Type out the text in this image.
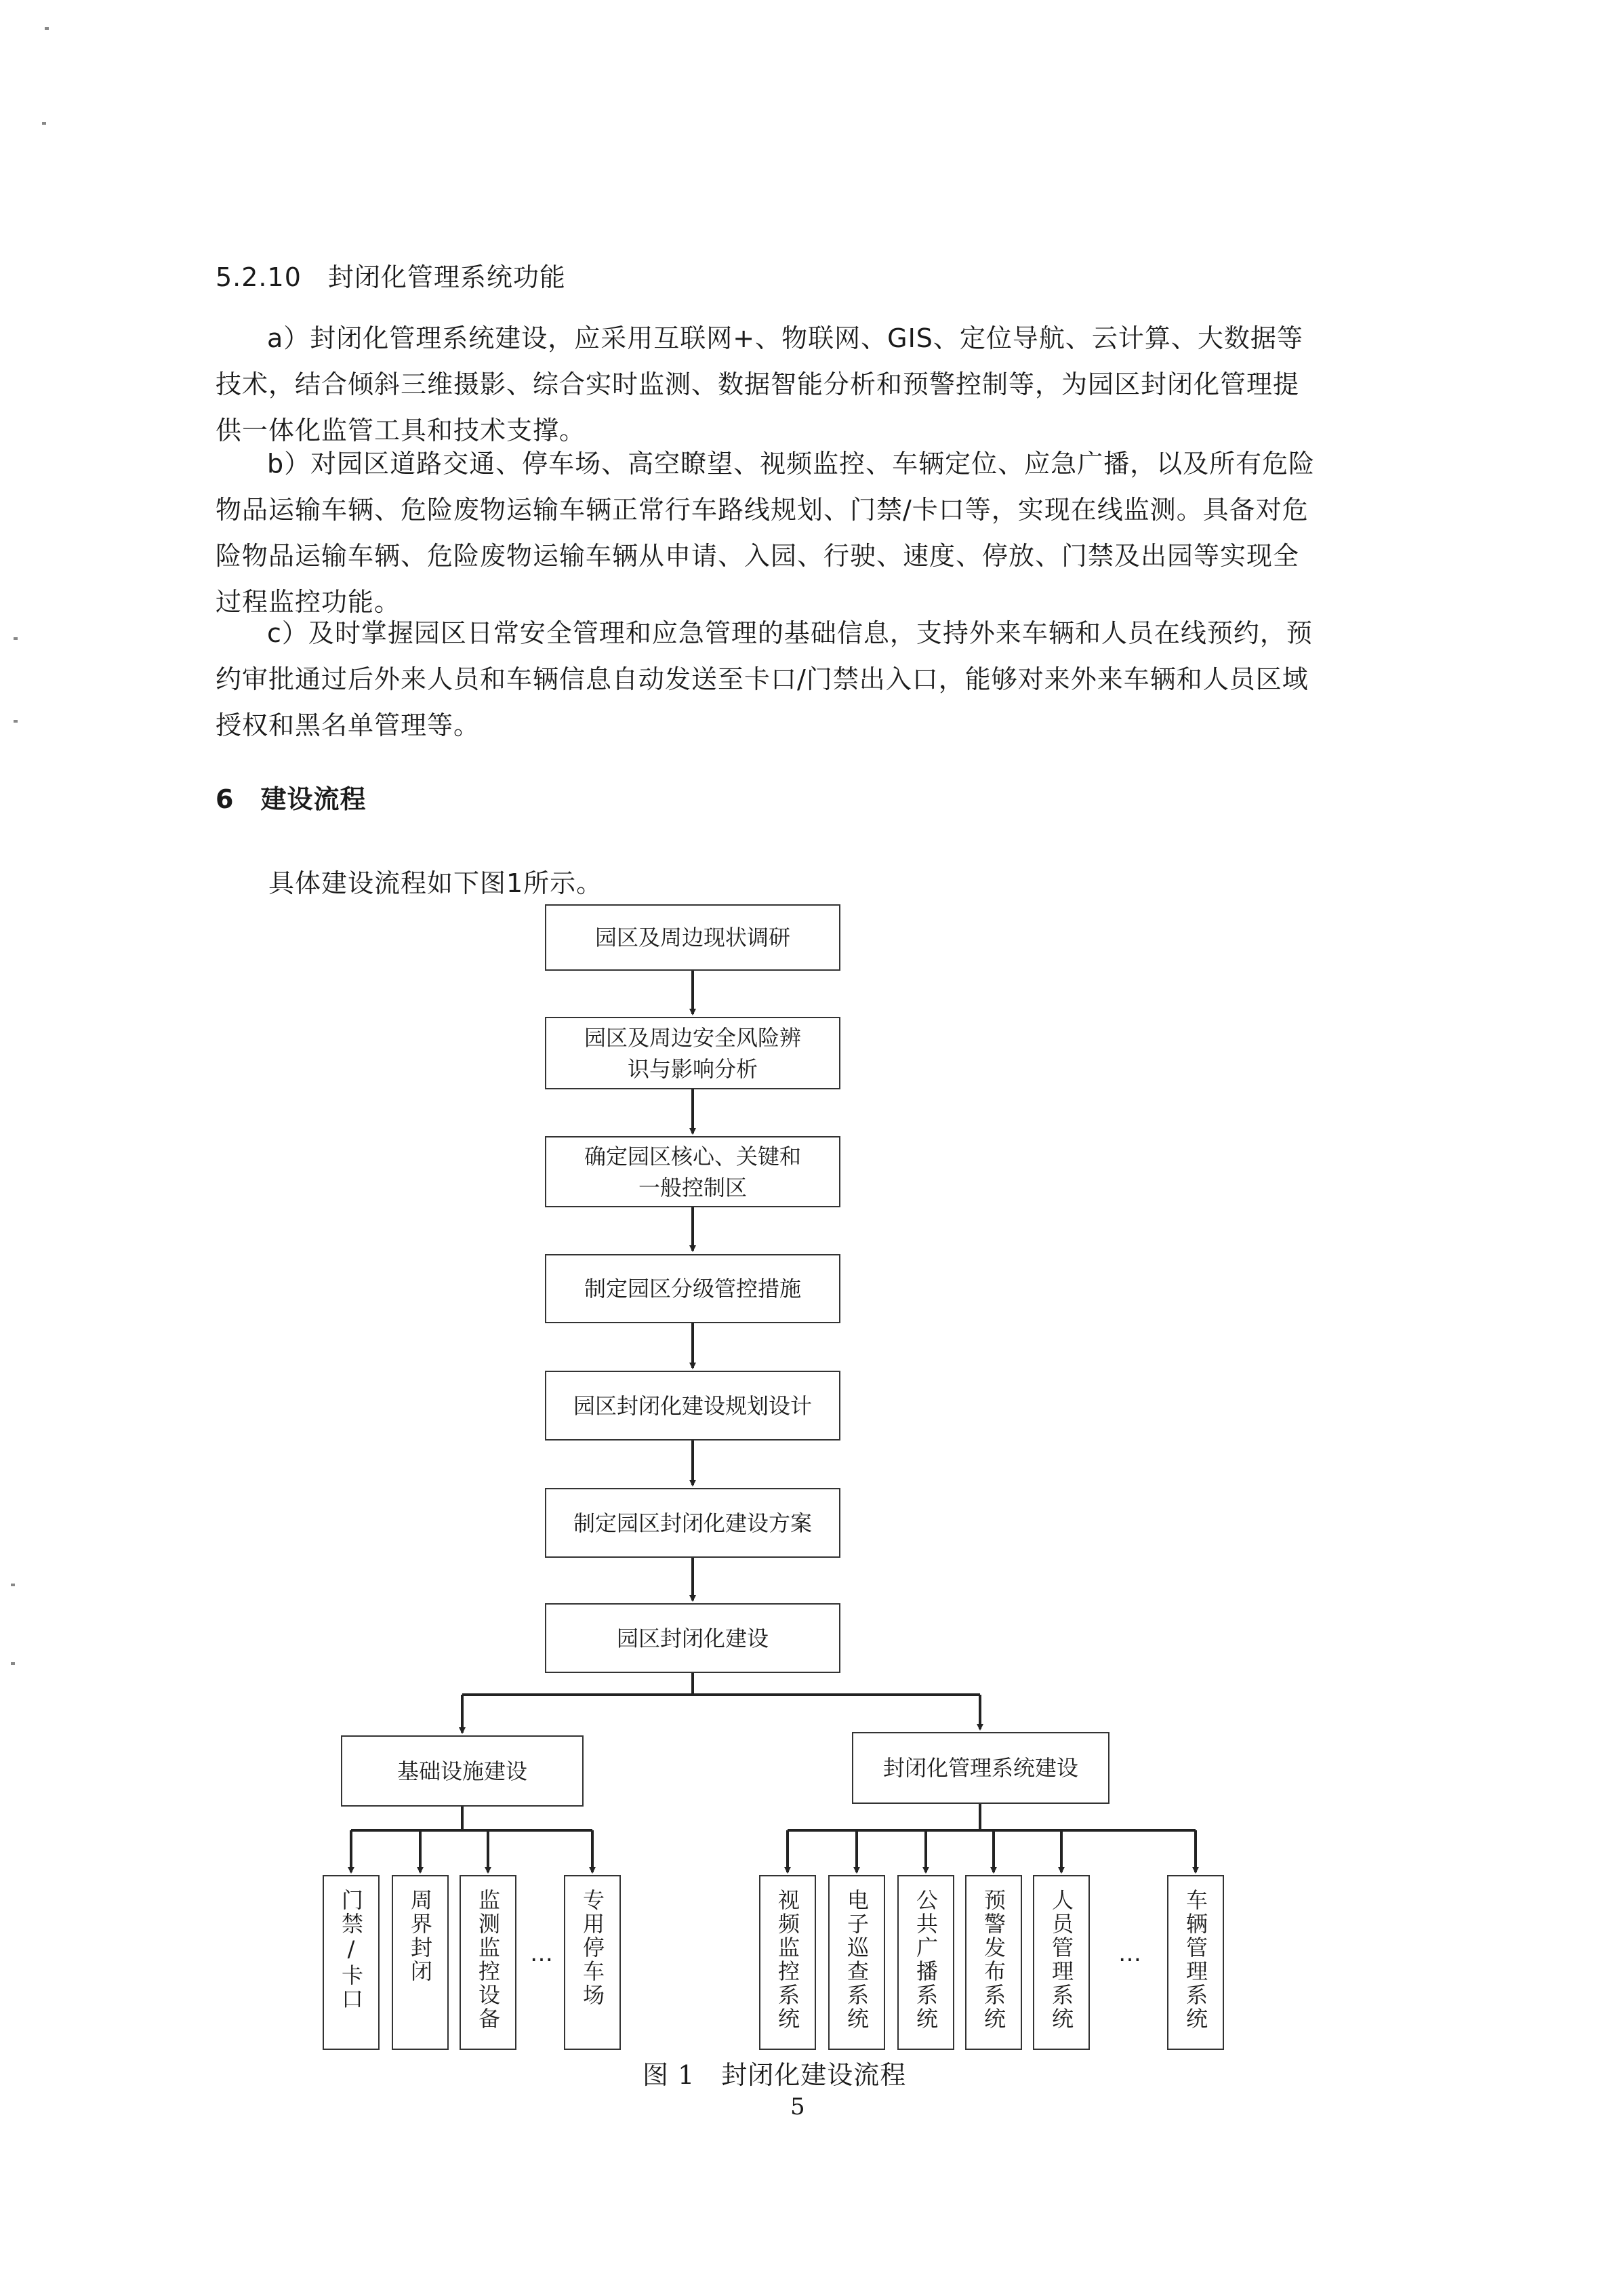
5.2.10　封闭化管理系统功能

a）封闭化管理系统建设，应采用互联网+、物联网、GIS、定位导航、云计算、大数据等技术，结合倾斜三维摄影、综合实时监测、数据智能分析和预警控制等，为园区封闭化管理提供一体化监管工具和技术支撑。

b）对园区道路交通、停车场、高空瞭望、视频监控、车辆定位、应急广播，以及所有危险物品运输车辆、危险废物运输车辆正常行车路线规划、门禁/卡口等，实现在线监测。具备对危险物品运输车辆、危险废物运输车辆从申请、入园、行驶、速度、停放、门禁及出园等实现全过程监控功能。

c）及时掌握园区日常安全管理和应急管理的基础信息，支持外来车辆和人员在线预约，预约审批通过后外来人员和车辆信息自动发送至卡口/门禁出入口，能够对来外来车辆和人员区域授权和黑名单管理等。

6　建设流程
具体建设流程如下图1所示。
园区及周边现状调研
园区及周边安全风险辨识与影响分析
确定园区核心、关键和一般控制区
制定园区分级管控措施
园区封闭化建设规划设计
制定园区封闭化建设方案
园区封闭化建设
基础设施建设	封闭化管理系统建设
门禁/卡口 周界封闭 监测监控设备 … 专用停车场	视频监控系统 电子巡查系统 公共广播系统 预警发布系统 人员管理系统 … 车辆管理系统
图 1　封闭化建设流程
5
